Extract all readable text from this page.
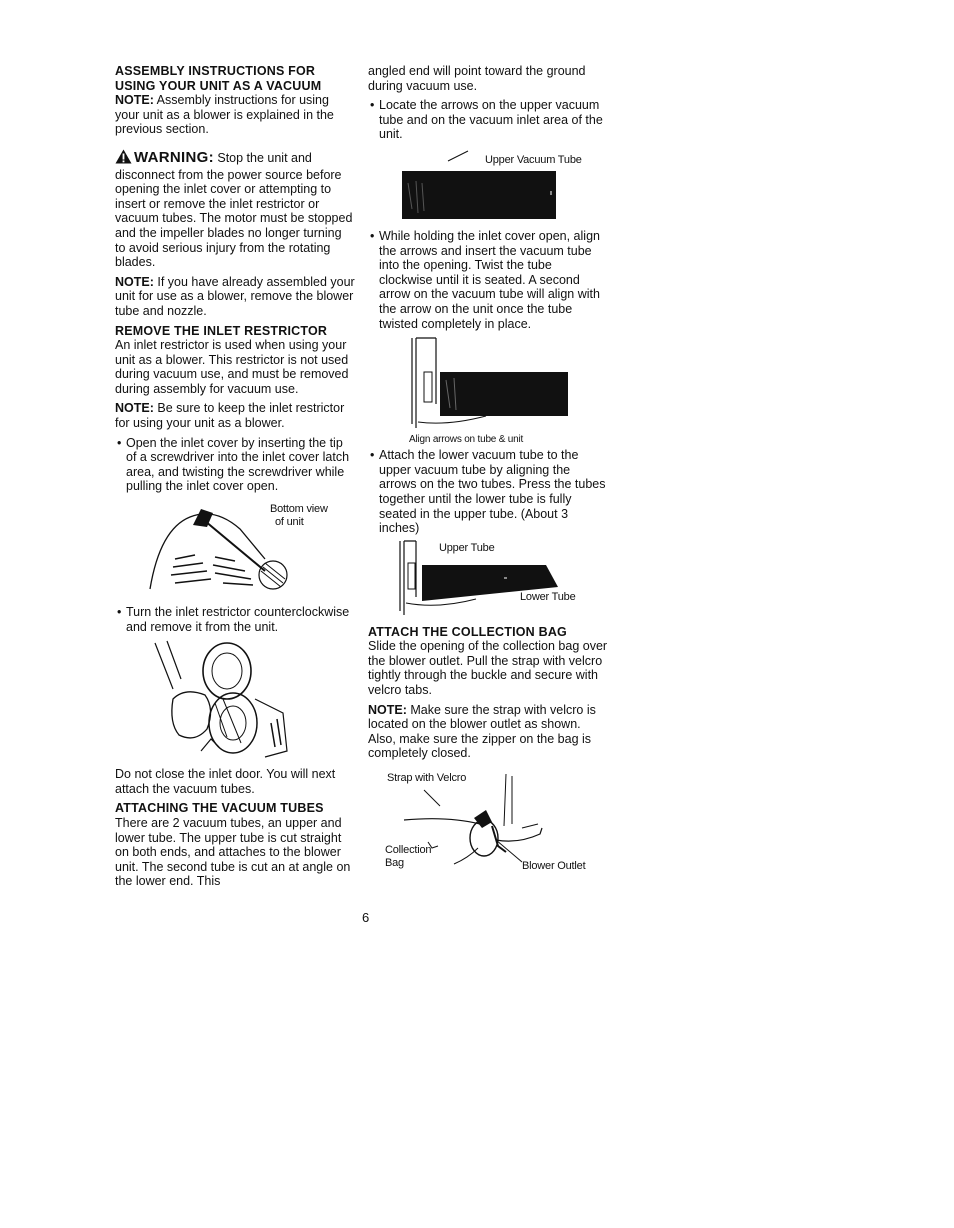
ASSEMBLY INSTRUCTIONS FOR
USING YOUR UNIT AS A VACUUM

NOTE: Assembly instructions for using your unit as a blower is explained in the previous section.

WARNING: Stop the unit and disconnect from the power source before opening the inlet cover or attempting to insert or remove the inlet restrictor or vacuum tubes. The motor must be stopped and the impeller blades no longer turning to avoid serious injury from the rotating blades.

NOTE: If you have already assembled your unit for use as a blower, remove the blower tube and nozzle.

REMOVE THE INLET RESTRICTOR

An inlet restrictor is used when using your unit as a blower. This restrictor is not used during vacuum use, and must be removed during assembly for vacuum use.

NOTE: Be sure to keep the inlet restrictor for using your unit as a blower.

• Open the inlet cover by inserting the tip of a screwdriver into the inlet cover latch area, and twisting the screwdriver while pulling the inlet cover open.

Bottom view
of unit

• Turn the inlet restrictor counterclockwise and remove it from the unit.

Do not close the inlet door. You will next attach the vacuum tubes.

ATTACHING THE VACUUM TUBES

There are 2 vacuum tubes, an upper and lower tube. The upper tube is cut straight on both ends, and attaches to the blower unit. The second tube is cut an at angle on the lower end. This

angled end will point toward the ground during vacuum use.

• Locate the arrows on the upper vacuum tube and on the vacuum inlet area of the unit.

Upper Vacuum Tube

• While holding the inlet cover open, align the arrows and insert the vacuum tube into the opening. Twist the tube clockwise until it is seated. A second arrow on the vacuum tube will align with the arrow on the unit once the tube twisted completely in place.

Align arrows on tube & unit

• Attach the lower vacuum tube to the upper vacuum tube by aligning the arrows on the two tubes. Press the tubes together until the lower tube is fully seated in the upper tube. (About 3 inches)

Upper Tube
Lower Tube
ATTACH THE COLLECTION BAG

Slide the opening of the collection bag over the blower outlet. Pull the strap with velcro tightly through the buckle and secure with velcro tabs.

NOTE: Make sure the strap with velcro is located on the blower outlet as shown. Also, make sure the zipper on the bag is completely closed.

Strap with Velcro
Collection
Bag	Blower Outlet
6
